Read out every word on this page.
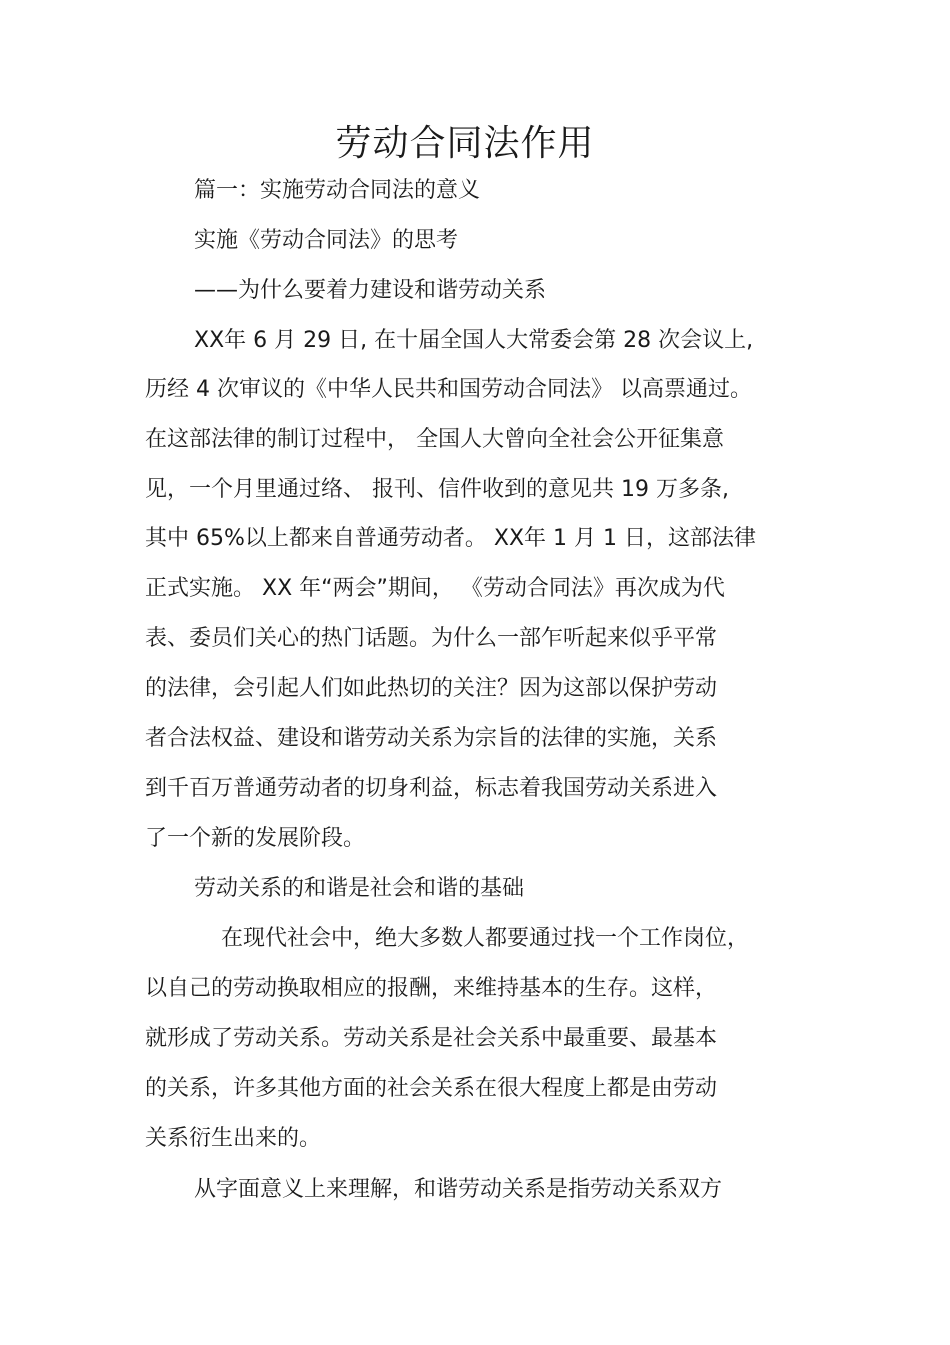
劳动合同法作用
篇一：实施劳动合同法的意义
实施《劳动合同法》的思考
——为什么要着力建设和谐劳动关系
XX年 6 月 29 日, 在十届全国人大常委会第 28 次会议上,
历经 4 次审议的《中华人民共和国劳动合同法》 以高票通过。
在这部法律的制订过程中， 全国人大曾向全社会公开征集意
见，一个月里通过络、 报刊、信件收到的意见共 19 万多条,
其中 65%以上都来自普通劳动者。 XX年 1 月 1 日，这部法律
正式实施。 XX 年“两会”期间， 《劳动合同法》再次成为代
表、委员们关心的热门话题。为什么一部乍听起来似乎平常
的法律，会引起人们如此热切的关注？因为这部以保护劳动
者合法权益、建设和谐劳动关系为宗旨的法律的实施，关系
到千百万普通劳动者的切身利益，标志着我国劳动关系进入
了一个新的发展阶段。
劳动关系的和谐是社会和谐的基础
在现代社会中，绝大多数人都要通过找一个工作岗位，
以自己的劳动换取相应的报酬，来维持基本的生存。这样，
就形成了劳动关系。劳动关系是社会关系中最重要、最基本
的关系，许多其他方面的社会关系在很大程度上都是由劳动
关系衍生出来的。
从字面意义上来理解，和谐劳动关系是指劳动关系双方
